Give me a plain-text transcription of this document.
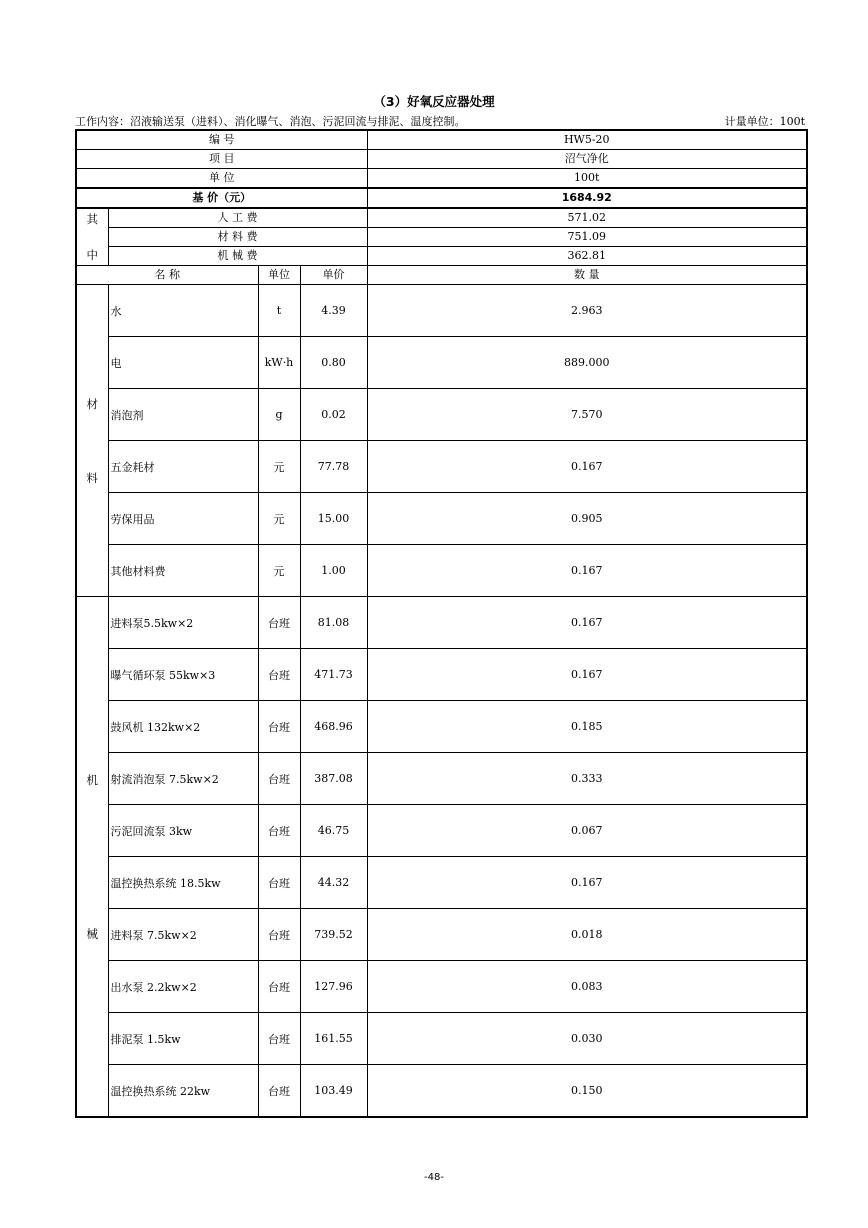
（3）好氧反应器处理
工作内容：沼液输送泵（进料）、消化曝气、消泡、污泥回流与排泥、温度控制。	计量单位：100t
编 号				HW5-20
项 目				沼气净化
单 位				100t
基 价（元）				1684.92
其

中	人 工 费			571.02
	材 料 费			751.09
	机 械 费			362.81
名 称		单位	单价	数 量
材
料	水	t	4.39	2.963
	电	kW·h	0.80	889.000
	消泡剂	g	0.02	7.570
	五金耗材	元	77.78	0.167
	劳保用品	元	15.00	0.905
	其他材料费	元	1.00	0.167
机
械	进料泵5.5kw×2	台班	81.08	0.167
	曝气循环泵 55kw×3	台班	471.73	0.167
	鼓风机 132kw×2	台班	468.96	0.185
	射流消泡泵 7.5kw×2	台班	387.08	0.333
	污泥回流泵 3kw	台班	46.75	0.067
	温控换热系统 18.5kw	台班	44.32	0.167
	进料泵 7.5kw×2	台班	739.52	0.018
	出水泵 2.2kw×2	台班	127.96	0.083
	排泥泵 1.5kw	台班	161.55	0.030
	温控换热系统 22kw	台班	103.49	0.150
-48-
